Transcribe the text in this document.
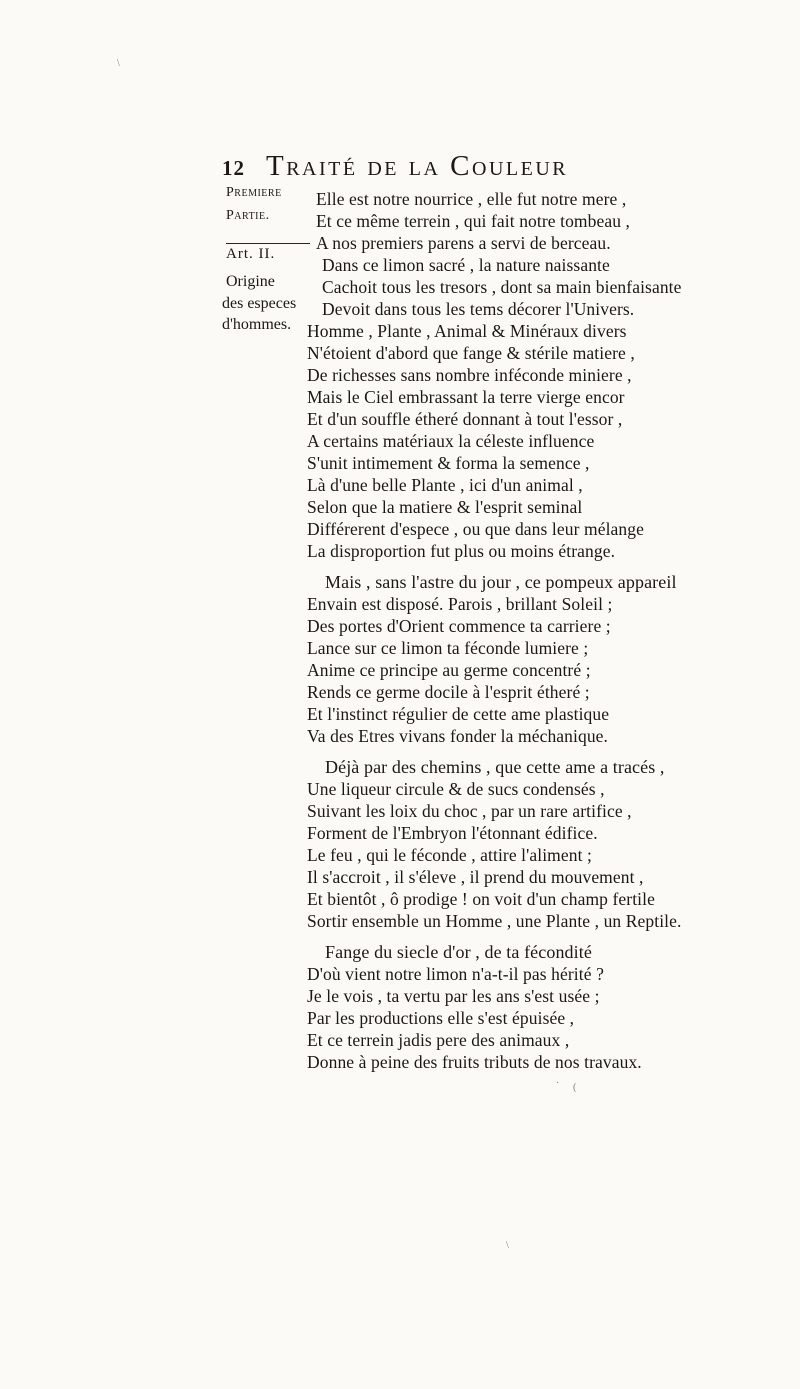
12 Traité de la Couleur
Premiere
Partie.
Art. II.
Origine
des especes
d'hommes.
Elle est notre nourrice , elle fut notre mere ,
Et ce même terrein , qui fait notre tombeau ,
A nos premiers parens a servi de berceau.
Dans ce limon sacré , la nature naissante
Cachoit tous les tresors , dont sa main bienfaisante
Devoit dans tous les tems décorer l'Univers.
Homme , Plante , Animal & Minéraux divers
N'étoient d'abord que fange & stérile matiere ,
De richesses sans nombre inféconde miniere ,
Mais le Ciel embrassant la terre vierge encor
Et d'un souffle étheré donnant à tout l'essor ,
A certains matériaux la céleste influence
S'unit intimement & forma la semence ,
Là d'une belle Plante , ici d'un animal ,
Selon que la matiere & l'esprit seminal
Différerent d'espece , ou que dans leur mélange
La disproportion fut plus ou moins étrange.
Mais , sans l'astre du jour , ce pompeux appareil
Envain est disposé. Parois , brillant Soleil ;
Des portes d'Orient commence ta carriere ;
Lance sur ce limon ta féconde lumiere ;
Anime ce principe au germe concentré ;
Rends ce germe docile à l'esprit étheré ;
Et l'instinct régulier de cette ame plastique
Va des Etres vivans fonder la méchanique.
Déjà par des chemins , que cette ame a tracés ,
Une liqueur circule & de sucs condensés ,
Suivant les loix du choc , par un rare artifice ,
Forment de l'Embryon l'étonnant édifice.
Le feu , qui le féconde , attire l'aliment ;
Il s'accroit , il s'éleve , il prend du mouvement ,
Et bientôt , ô prodige ! on voit d'un champ fertile
Sortir ensemble un Homme , une Plante , un Reptile.
Fange du siecle d'or , de ta fécondité
D'où vient notre limon n'a-t-il pas hérité ?
Je le vois , ta vertu par les ans s'est usée ;
Par les productions elle s'est épuisée ,
Et ce terrein jadis pere des animaux ,
Donne à peine des fruits tributs de nos travaux.
\
· (
\
